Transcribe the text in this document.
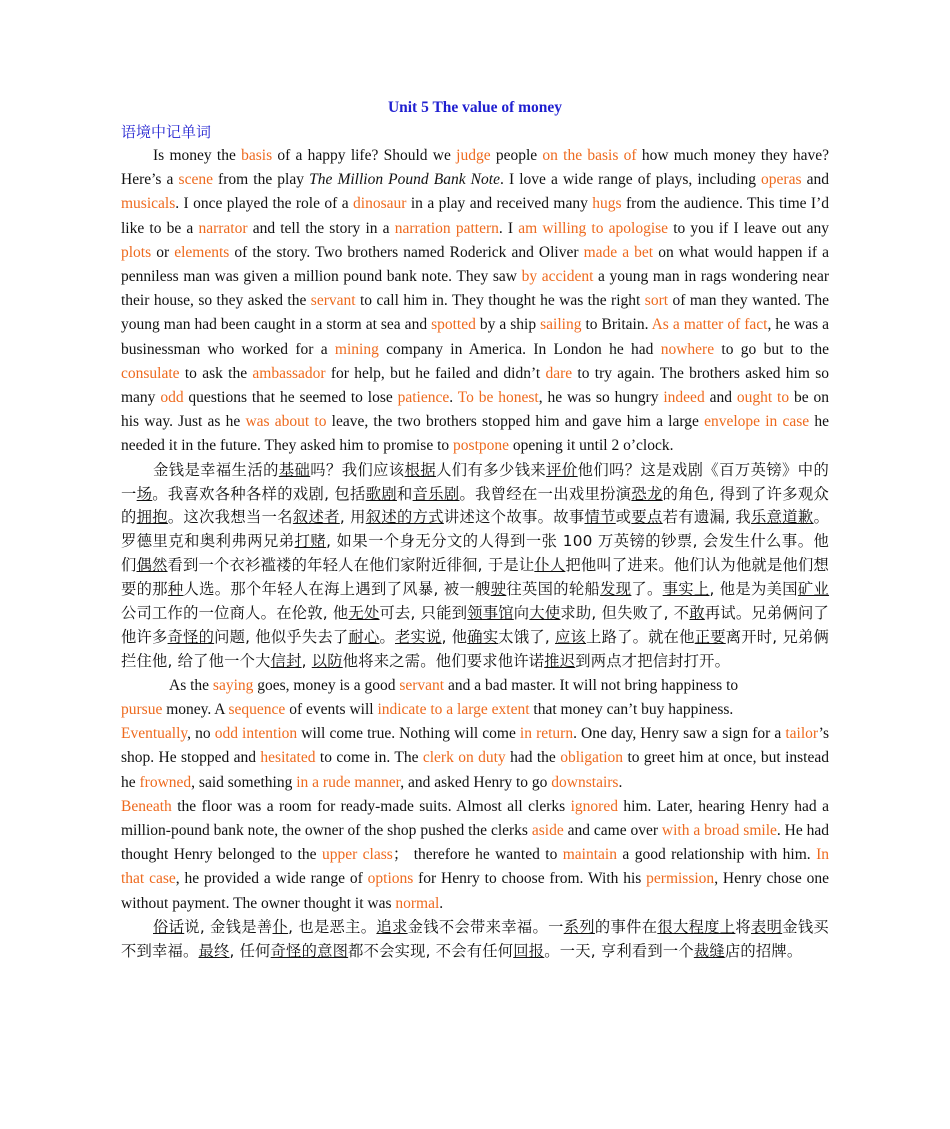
Unit 5 The value of money

语境中记单词

Is money the basis of a happy life? Should we judge people on the basis of how much money they have? Here’s a scene from the play The Million Pound Bank Note. I love a wide range of plays, including operas and musicals. I once played the role of a dinosaur in a play and received many hugs from the audience. This time I’d like to be a narrator and tell the story in a narration pattern. I am willing to apologise to you if I leave out any plots or elements of the story. Two brothers named Roderick and Oliver made a bet on what would happen if a penniless man was given a million pound bank note. They saw by accident a young man in rags wondering near their house, so they asked the servant to call him in. They thought he was the right sort of man they wanted. The young man had been caught in a storm at sea and spotted by a ship sailing to Britain. As a matter of fact, he was a businessman who worked for a mining company in America. In London he had nowhere to go but to the consulate to ask the ambassador for help, but he failed and didn’t dare to try again. The brothers asked him so many odd questions that he seemed to lose patience. To be honest, he was so hungry indeed and ought to be on his way. Just as he was about to leave, the two brothers stopped him and gave him a large envelope in case he needed it in the future. They asked him to promise to postpone opening it until 2 o’clock.

金钱是幸福生活的基础吗？我们应该根据人们有多少钱来评价他们吗？这是戏剧《百万英镑》中的一场。我喜欢各种各样的戏剧, 包括歌剧和音乐剧。我曾经在一出戏里扮演恐龙的角色, 得到了许多观众的拥抱。这次我想当一名叙述者, 用叙述的方式讲述这个故事。故事情节或要点若有遗漏, 我乐意道歉。罗德里克和奥利弗两兄弟打赌, 如果一个身无分文的人得到一张 100 万英镑的钞票, 会发生什么事。他们偶然看到一个衣衫褴褛的年轻人在他们家附近徘徊, 于是让仆人把他叫了进来。他们认为他就是他们想要的那种人选。那个年轻人在海上遇到了风暴, 被一艘驶往英国的轮船发现了。事实上, 他是为美国矿业公司工作的一位商人。在伦敦, 他无处可去, 只能到领事馆向大使求助, 但失败了, 不敢再试。兄弟俩问了他许多奇怪的问题, 他似乎失去了耐心。老实说, 他确实太饿了, 应该上路了。就在他正要离开时, 兄弟俩拦住他, 给了他一个大信封, 以防他将来之需。他们要求他许诺推迟到两点才把信封打开。

As the saying goes, money is a good servant and a bad master. It will not bring happiness to
pursue money. A sequence of events will indicate to a large extent that money can’t buy happiness.
Eventually, no odd intention will come true. Nothing will come in return. One day, Henry saw a sign for a tailor’s shop. He stopped and hesitated to come in. The clerk on duty had the obligation to greet him at once, but instead he frowned, said something in a rude manner, and asked Henry to go downstairs.
Beneath the floor was a room for ready-made suits. Almost all clerks ignored him. Later, hearing Henry had a million-pound bank note, the owner of the shop pushed the clerks aside and came over with a broad smile. He had thought Henry belonged to the upper class； therefore he wanted to maintain a good relationship with him. In that case, he provided a wide range of options for Henry to choose from. With his permission, Henry chose one without payment. The owner thought it was normal.

俗话说, 金钱是善仆, 也是恶主。追求金钱不会带来幸福。一系列的事件在很大程度上将表明金钱买不到幸福。最终, 任何奇怪的意图都不会实现, 不会有任何回报。一天, 亨利看到一个裁缝店的招牌。
